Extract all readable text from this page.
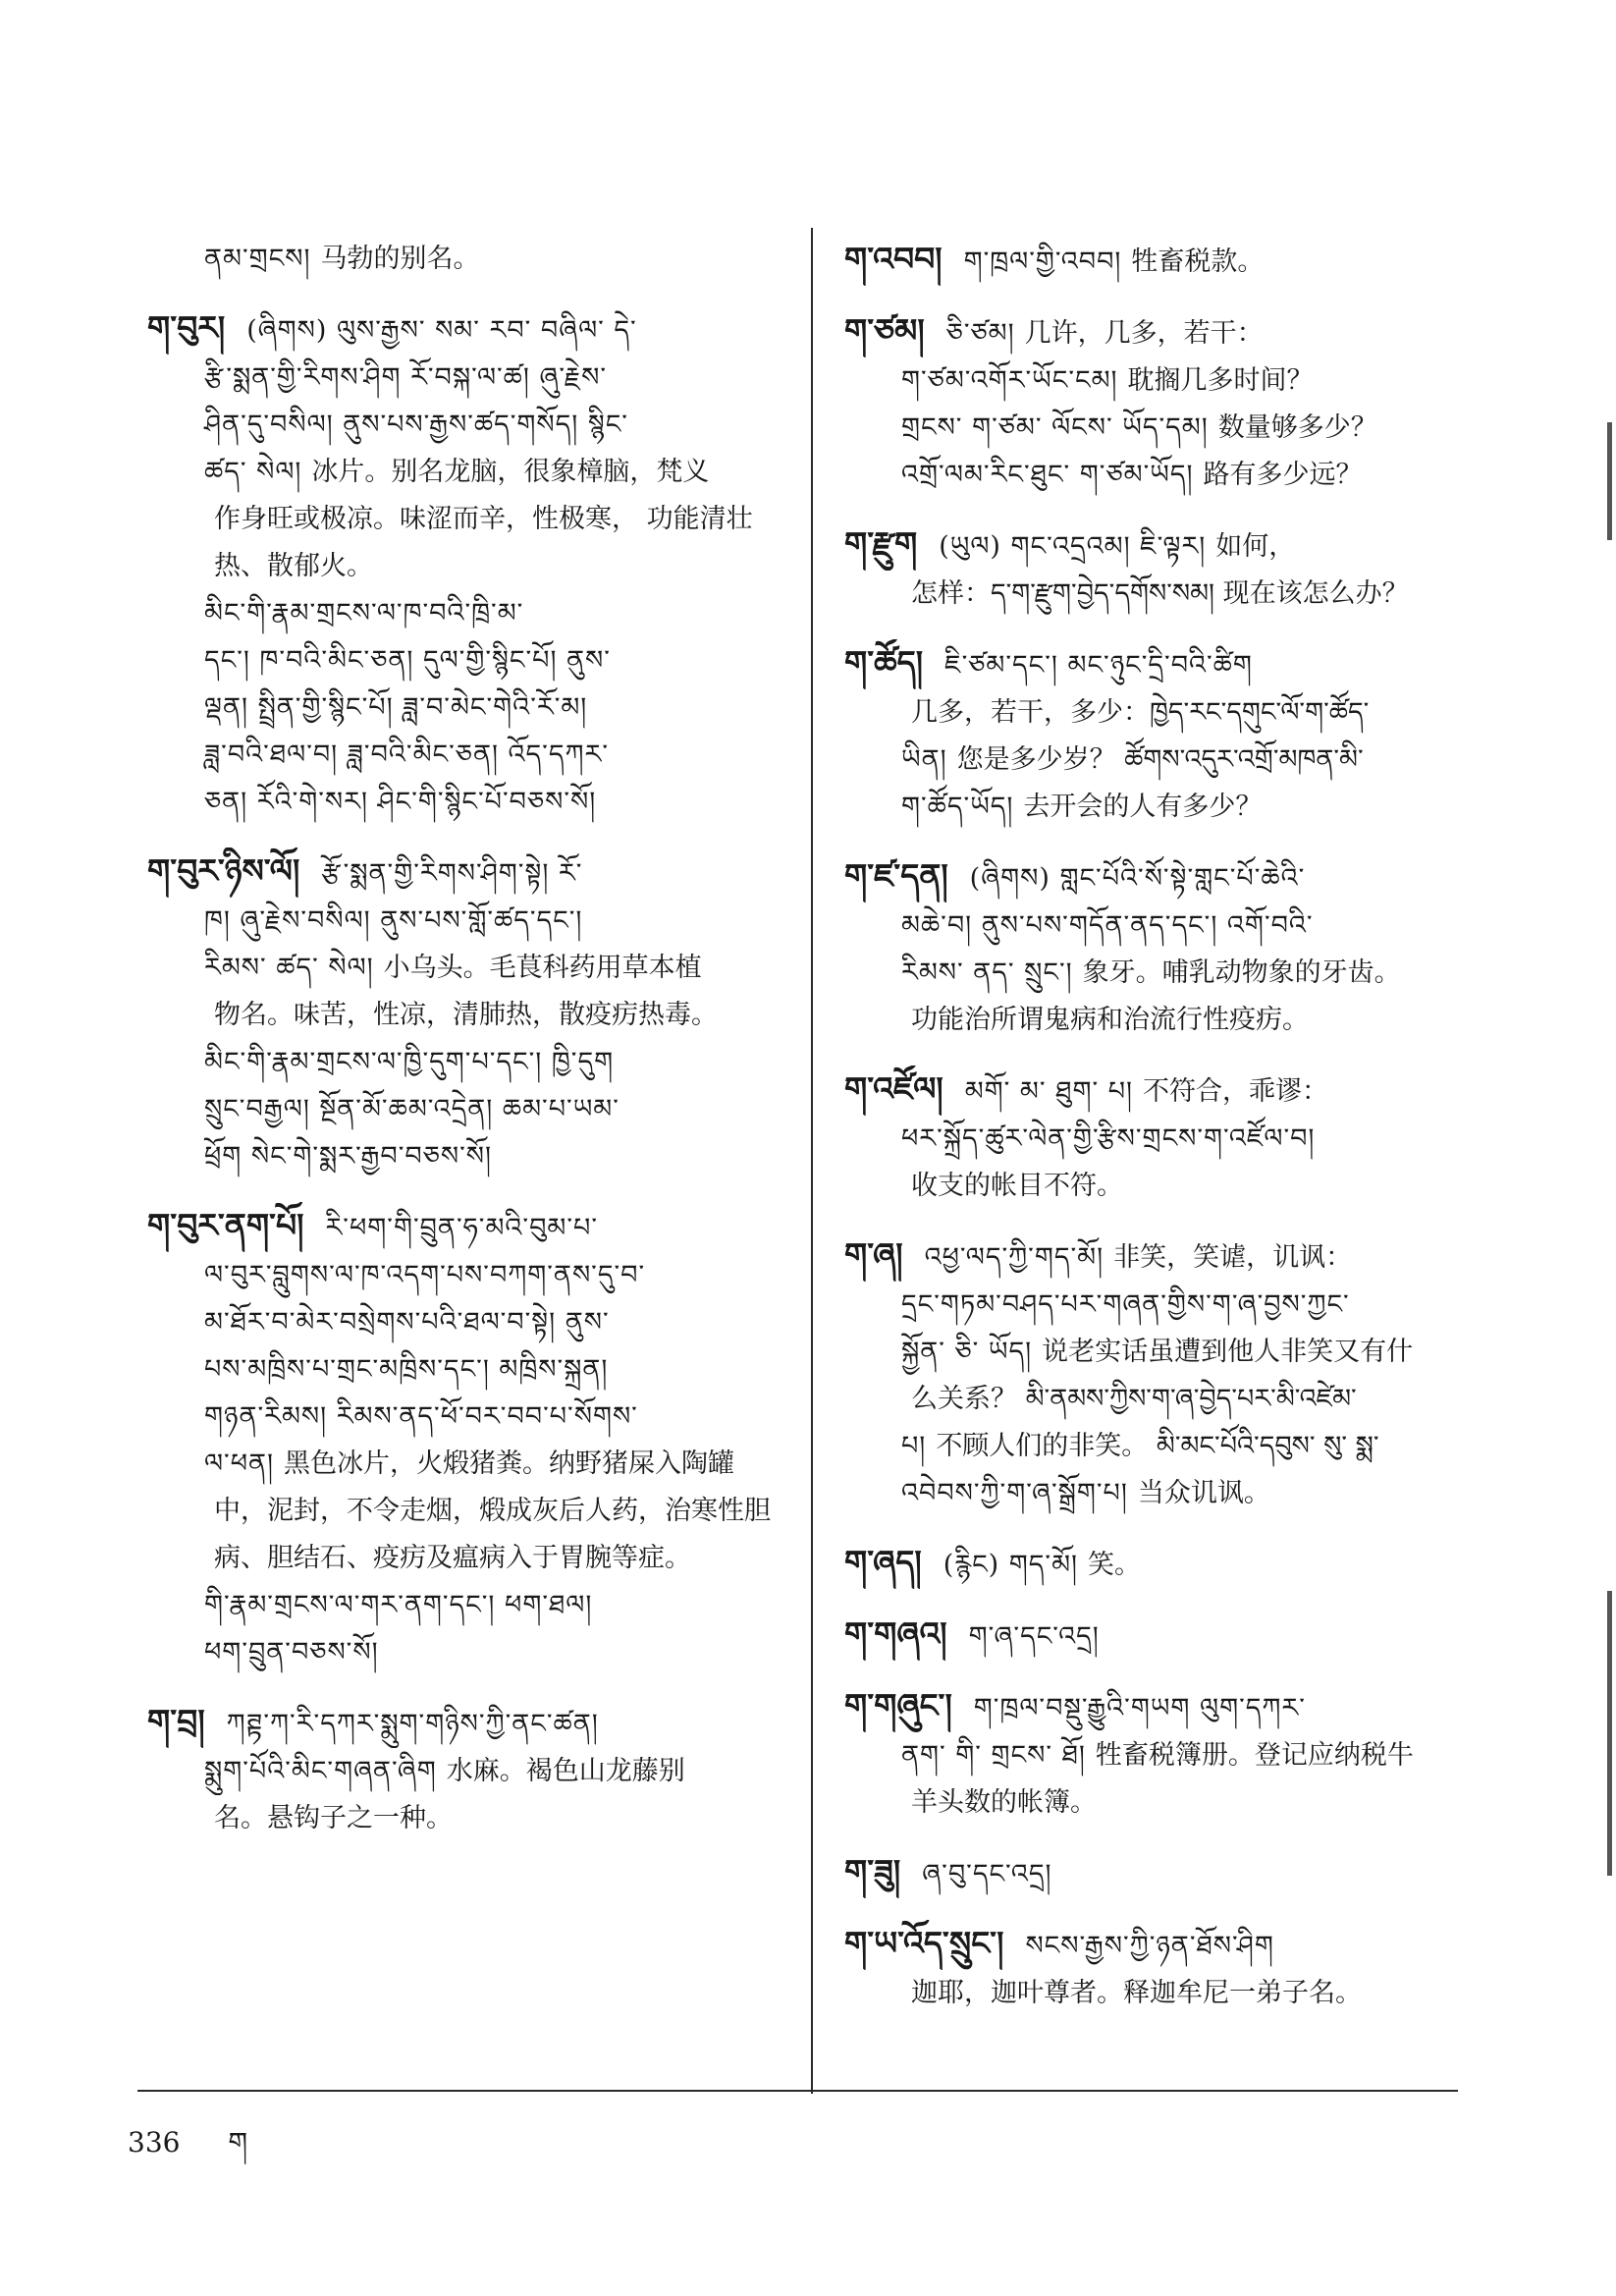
ནམ་གྲངས། 马勃的别名。
ག་བུར། (ཞིགས) ལུས་རྒྱས་ སམ་ རབ་ བཞིལ་ དེ་
རྩི་སྨན་གྱི་རིགས་ཤིག རོ་བསྐ་ལ་ཚ། ཞུ་རྗེས་
ཤིན་དུ་བསིལ། ནུས་པས་རྒྱས་ཚད་གསོད། སྙིང་
ཚད་ སེལ། 冰片。别名龙脑，很象樟脑，梵义
作身旺或极凉。味涩而辛，性极寒， 功能清壮
热、散郁火。
མིང་གི་རྣམ་གྲངས་ལ་ཁ་བའི་ཁྲི་མ་
དང་། ཁ་བའི་མིང་ཅན། དུལ་གྱི་སྙིང་པོ། ནུས་
ལྡན། སྤྲིན་གྱི་སྙིང་པོ། ཟླ་བ་མེང་གེའི་རོ་མ།
ཟླ་བའི་ཐལ་བ། ཟླ་བའི་མིང་ཅན། འོད་དཀར་
ཅན། རོའི་གེ་སར། ཤིང་གི་སྙིང་པོ་བཅས་སོ།
ག་བུར་ཉིས་ལོ། རྩོ་སྨན་གྱི་རིགས་ཤིག་སྟེ། རོ་
ཁ། ཞུ་རྗེས་བསིལ། ནུས་པས་གློ་ཚད་དང་།
རིམས་ ཚད་ སེལ། 小乌头。毛茛科药用草本植
物名。味苦，性凉，清肺热，散疫疠热毒。
མིང་གི་རྣམ་གྲངས་ལ་ཁྱི་དུག་པ་དང་། ཁྱི་དུག
སྲུང་བརྒྱལ། སྔོན་མོ་ཆམ་འདྲེན། ཆམ་པ་ཡམ་
ཕྲོག སེང་གེ་སྨར་རྒྱབ་བཅས་སོ།
ག་བུར་ནག་པོ། རི་ཕག་གི་བྲུན་ཧ་མའི་བུམ་པ་
ལ་བུར་བླུགས་ལ་ཁ་འདག་པས་བཀག་ནས་དུ་བ་
མ་ཐོར་བ་མེར་བསྲེགས་པའི་ཐལ་བ་སྟེ། ནུས་
པས་མཁྲིས་པ་གྲང་མཁྲིས་དང་། མཁྲིས་སྐྲན།
གཉན་རིམས། རིམས་ནད་ཕོ་བར་བབ་པ་སོགས་
ལ་ཕན། 黑色冰片，火煅猪粪。纳野猪屎入陶罐
中，泥封，不令走烟，煅成灰后人药，治寒性胆
病、胆结石、疫疠及瘟病入于胃腕等症。
གི་རྣམ་གྲངས་ལ་གར་ནག་དང་། ཕག་ཐལ།
ཕག་བྲུན་བཅས་སོ།
ག་བྲ། ཀཊྟ་ཀ་རི་དཀར་སྨུག་གཉིས་ཀྱི་ནང་ཚན།
སྨུག་པོའི་མིང་གཞན་ཞིག 水麻。褐色山龙藤别
名。悬钩子之一种。
ག་འབབ། ག་ཁྲལ་གྱི་འབབ། 牲畜税款。
ག་ཙམ། ཅི་ཙམ། 几许，几多，若干：
ག་ཙམ་འགོར་ཡོང་ངམ། 耽搁几多时间？
གྲངས་ ག་ཙམ་ ལོངས་ ཡོད་དམ། 数量够多少？
འགྲོ་ལམ་རིང་ཐུང་ ག་ཙམ་ཡོད། 路有多少远？
ག་རྫུག (ཡུལ) གང་འདྲའམ། ཇི་ལྟར། 如何，
怎样：ད་ག་རྫུག་བྱེད་དགོས་སམ། 现在该怎么办？
ག་ཚོད། ཇི་ཙམ་དང་། མང་ཉུང་དྲི་བའི་ཚིག
几多，若干，多少：ཁྱེད་རང་དགུང་ལོ་ག་ཚོད་
ཡིན། 您是多少岁？ ཚོགས་འདུར་འགྲོ་མཁན་མི་
ག་ཚོད་ཡོད། 去开会的人有多少？
ག་ཛ་དན། (ཞིགས) གླང་པོའི་སོ་སྟེ་གླང་པོ་ཆེའི་
མཆེ་བ། ནུས་པས་གདོན་ནད་དང་། འགོ་བའི་
རིམས་ ནད་ སྲུང་། 象牙。哺乳动物象的牙齿。
功能治所谓鬼病和治流行性疫疠。
ག་འཛོལ། མགོ་ མ་ ཐུག་ པ། 不符合，乖谬：
ཕར་སྐྲོད་ཚུར་ལེན་གྱི་རྩིས་གྲངས་ག་འཛོལ་བ།
收支的帐目不符。
ག་ཞ། འཕྱ་ལད་ཀྱི་གད་མོ། 非笑，笑谑，讥讽：
དྲང་གཏམ་བཤད་པར་གཞན་གྱིས་ག་ཞ་བྱས་ཀྱང་
སྐྱོན་ ཅི་ ཡོད། 说老实话虽遭到他人非笑又有什
么关系？ མི་ནམས་ཀྱིས་ག་ཞ་བྱེད་པར་མི་འཛེམ་
པ། 不顾人们的非笑。 མི་མང་པོའི་དབུས་ སུ་ སྨ་
འབེབས་ཀྱི་ག་ཞ་སྒྲོག་པ། 当众讥讽。
ག་ཞད། (རྙིང) གད་མོ། 笑。
ག་གཞའ། ག་ཞ་དང་འདྲ།
ག་གཞུང་། ག་ཁྲལ་བསྡུ་རྒྱུའི་གཡག ལུག་དཀར་
ནག་ གི་ གྲངས་ ཐོ། 牲畜税簿册。登记应纳税牛
羊头数的帐簿。
ག་ཟུ། ཞ་བུ་དང་འདྲ།
ག་ཡ་འོད་སྲུང་། སངས་རྒྱས་ཀྱི་ཉན་ཐོས་ཤིག
迦耶，迦叶尊者。释迦牟尼一弟子名。
336 ག
